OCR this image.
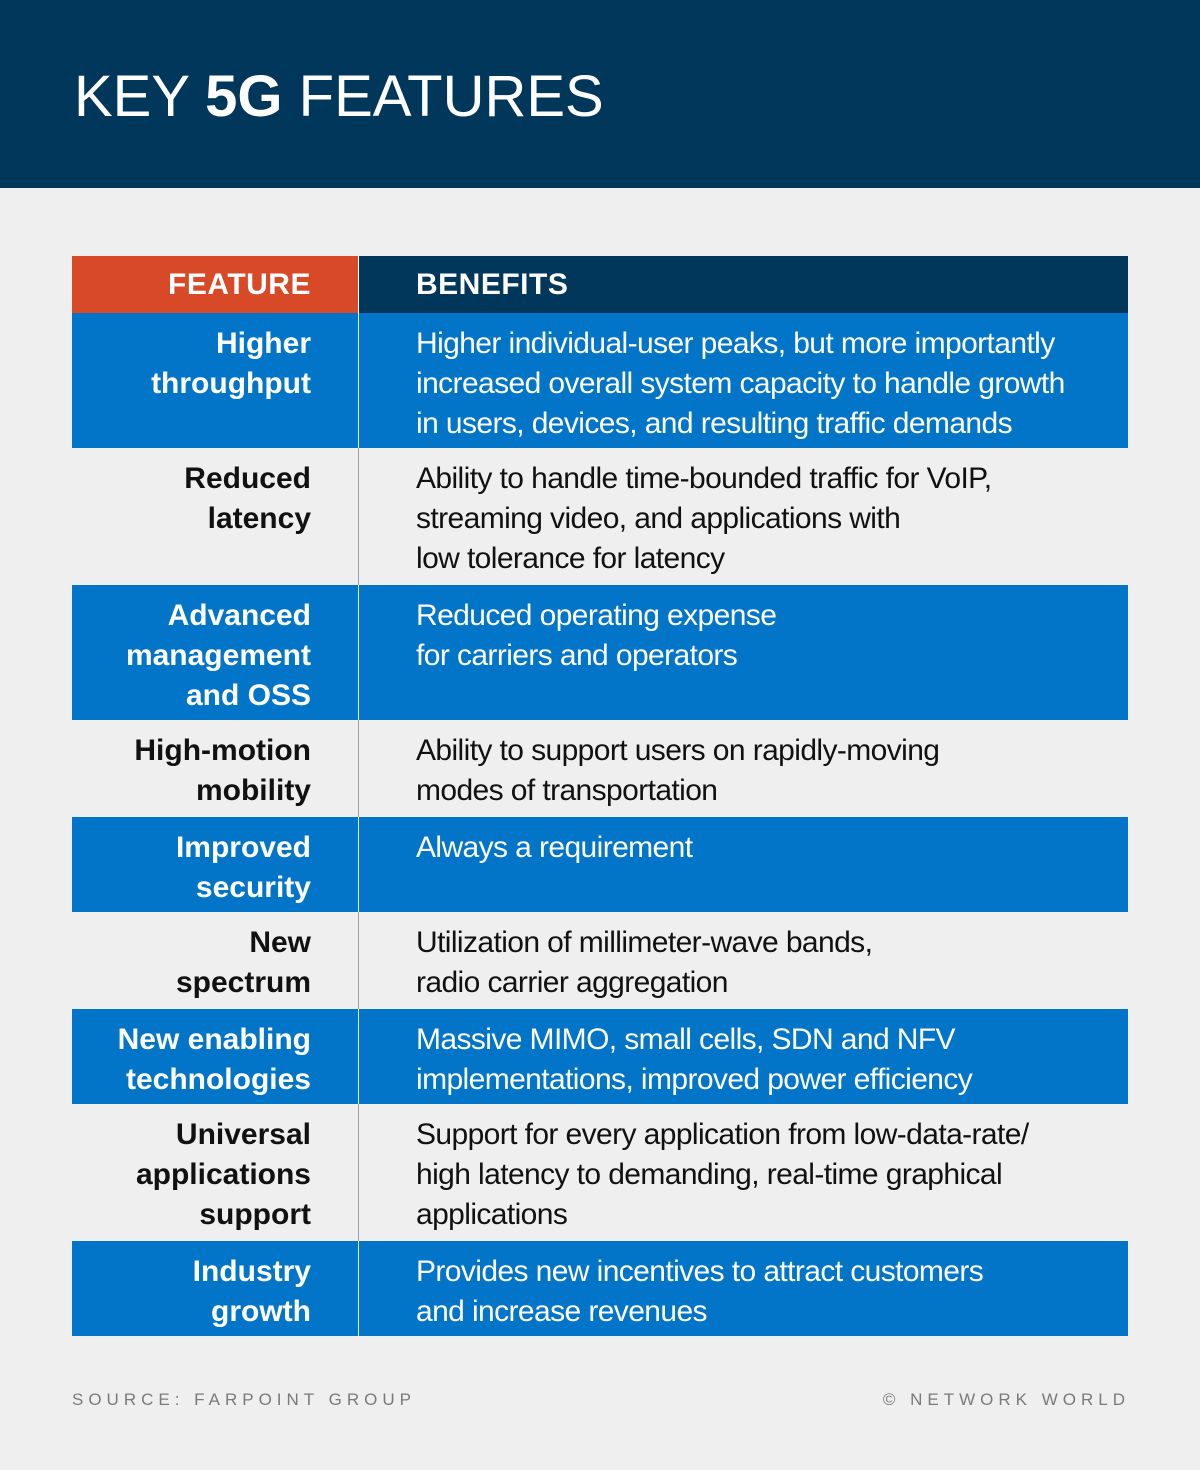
KEY 5G FEATURES
FEATURE	BENEFITS
Higher
throughput
Higher individual-user peaks, but more importantly
increased overall system capacity to handle growth
in users, devices, and resulting traffic demands
Reduced
latency
Ability to handle time-bounded traffic for VoIP,
streaming video, and applications with
low tolerance for latency
Advanced
management
and OSS
Reduced operating expense
for carriers and operators
High-motion
mobility
Ability to support users on rapidly-moving
modes of transportation
Improved
security
Always a requirement
New
spectrum
Utilization of millimeter-wave bands,
radio carrier aggregation
New enabling
technologies
Massive MIMO, small cells, SDN and NFV
implementations, improved power efficiency
Universal
applications
support
Support for every application from low-data-rate/
high latency to demanding, real-time graphical
applications
Industry
growth
Provides new incentives to attract customers
and increase revenues
SOURCE: FARPOINT GROUP	© NETWORK WORLD
